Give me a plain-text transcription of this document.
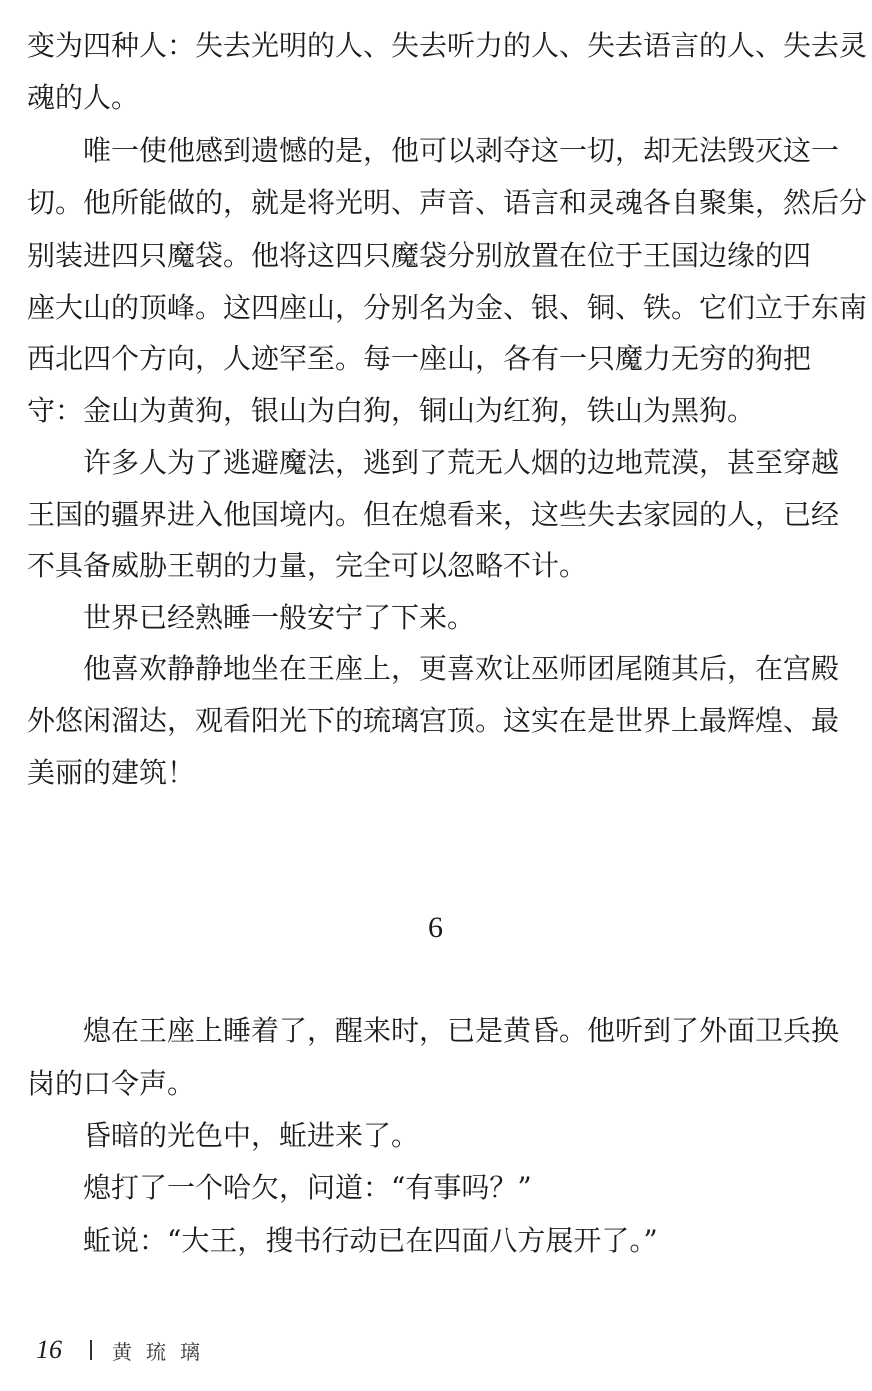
变为四种人：失去光明的人、失去听力的人、失去语言的人、失去灵
魂的人。
唯一使他感到遗憾的是，他可以剥夺这一切，却无法毁灭这一
切。他所能做的，就是将光明、声音、语言和灵魂各自聚集，然后分
别装进四只魔袋。他将这四只魔袋分别放置在位于王国边缘的四
座大山的顶峰。这四座山，分别名为金、银、铜、铁。它们立于东南
西北四个方向，人迹罕至。每一座山，各有一只魔力无穷的狗把
守：金山为黄狗，银山为白狗，铜山为红狗，铁山为黑狗。
许多人为了逃避魔法，逃到了荒无人烟的边地荒漠，甚至穿越
王国的疆界进入他国境内。但在熄看来，这些失去家园的人，已经
不具备威胁王朝的力量，完全可以忽略不计。
世界已经熟睡一般安宁了下来。
他喜欢静静地坐在王座上，更喜欢让巫师团尾随其后，在宫殿
外悠闲溜达，观看阳光下的琉璃宫顶。这实在是世界上最辉煌、最
美丽的建筑！
6
熄在王座上睡着了，醒来时，已是黄昏。他听到了外面卫兵换
岗的口令声。
昏暗的光色中，蚯进来了。
熄打了一个哈欠，问道：“有事吗？”
蚯说：“大王，搜书行动已在四面八方展开了。”
16	黄琉璃
